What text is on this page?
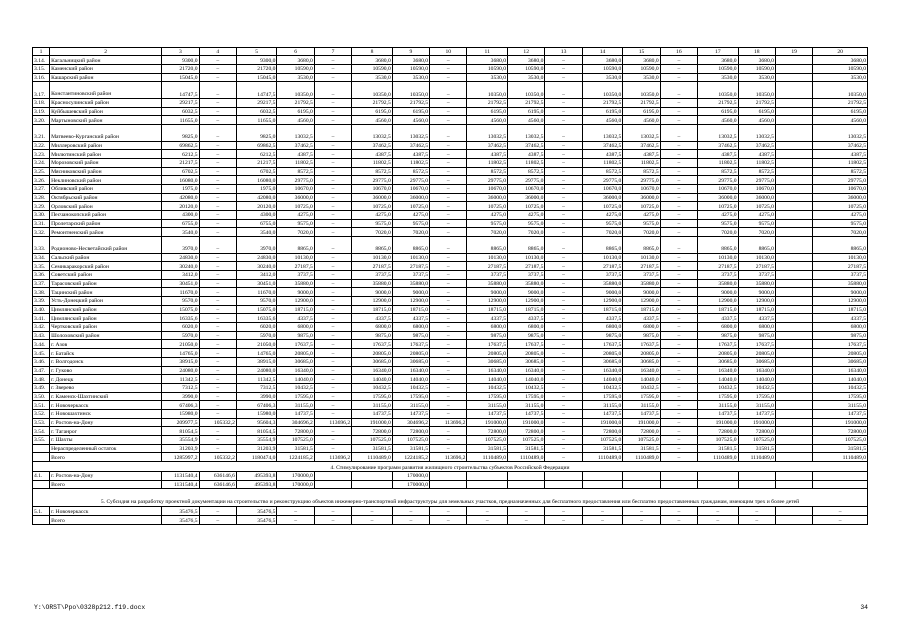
1	2	3	4	5	6	7	8	9	10	11	12	13	14	15	16	17	18	19	20
3.14.	Кагальницкий район	9300,0	–	9300,0	3680,0	–	3680,0	3680,0	–	3680,0	3680,0	–	3680,0	3680,0	–	3680,0	3680,0		3680,0
3.15.	Каменский район	21720,0	–	21720,0	10590,0	–	10590,0	10590,0	–	10590,0	10590,0	–	10590,0	10590,0	–	10590,0	10590,0		10590,0
3.16.	Кашарский район	15045,0	–	15045,0	3530,0	–	3530,0	3530,0	–	3530,0	3530,0	–	3530,0	3530,0	–	3530,0	3530,0		3530,0
3.17.	Константиновский район	14747,5	–	14747,5	10350,0	–	10350,0	10350,0	–	10350,0	10350,0	–	10350,0	10350,0	–	10350,0	10350,0		10350,0
3.18.	Красносулинский район	29217,5	–	29217,5	21792,5	–	21792,5	21792,5	–	21792,5	21792,5	–	21792,5	21792,5	–	21792,5	21792,5		21792,5
3.19.	Куйбышевский район	6032,5	–	6032,5	6195,0	–	6195,0	6195,0	–	6195,0	6195,0	–	6195,0	6195,0	–	6195,0	6195,0		6195,0
3.20.	Мартыновский район	11655,0	–	11655,0	4560,0	–	4560,0	4560,0	–	4560,0	4560,0	–	4560,0	4560,0	–	4560,0	4560,0		4560,0
3.21.	Матвеево-Курганский район	9825,0	–	9825,0	13032,5	–	13032,5	13032,5	–	13032,5	13032,5	–	13032,5	13032,5	–	13032,5	13032,5		13032,5
3.22.	Миллеровский район	69862,5	–	69862,5	37462,5	–	37462,5	37462,5	–	37462,5	37462,5	–	37462,5	37462,5	–	37462,5	37462,5		37462,5
3.23.	Милютинский район	6212,5	–	6212,5	4387,5	–	4387,5	4387,5	–	4387,5	4387,5	–	4387,5	4387,5	–	4387,5	4387,5		4387,5
3.24.	Морозовский район	21217,5	–	21217,5	11802,5	–	11802,5	11802,5	–	11802,5	11802,5	–	11802,5	11802,5	–	11802,5	11802,5		11802,5
3.25.	Мясниковский район	6702,5	–	6702,5	8572,5	–	8572,5	8572,5	–	8572,5	8572,5	–	8572,5	8572,5	–	8572,5	8572,5		8572,5
3.26.	Неклиновский район	16080,0	–	16080,0	29775,0	–	29775,0	29775,0	–	29775,0	29775,0	–	29775,0	29775,0	–	29775,0	29775,0		29775,0
3.27.	Обливский район	1975,0	–	1975,0	10670,0	–	10670,0	10670,0	–	10670,0	10670,0	–	10670,0	10670,0	–	10670,0	10670,0		10670,0
3.28.	Октябрьский район	42080,0	–	42080,0	36000,0	–	36000,0	36000,0	–	36000,0	36000,0	–	36000,0	36000,0	–	36000,0	36000,0		36000,0
3.29.	Орловский район	20120,0	–	20120,0	10725,0	–	10725,0	10725,0	–	10725,0	10725,0	–	10725,0	10725,0	–	10725,0	10725,0		10725,0
3.30.	Песчанокопский район	4300,0	–	4300,0	4275,0	–	4275,0	4275,0	–	4275,0	4275,0	–	4275,0	4275,0	–	4275,0	4275,0		4275,0
3.31.	Пролетарский район	6755,0	–	6755,0	9575,0	–	9575,0	9575,0	–	9575,0	9575,0	–	9575,0	9575,0	–	9575,0	9575,0		9575,0
3.32.	Ремонтненский район	3540,0	–	3540,0	7020,0	–	7020,0	7020,0	–	7020,0	7020,0	–	7020,0	7020,0	–	7020,0	7020,0		7020,0
3.33.	Родионово-Несветайский район	3970,0	–	3970,0	8865,0	–	8865,0	8865,0	–	8865,0	8865,0	–	8865,0	8865,0	–	8865,0	8865,0		8865,0
3.34.	Сальский район	24830,0	–	24830,0	10130,0	–	10130,0	10130,0	–	10130,0	10130,0	–	10130,0	10130,0	–	10130,0	10130,0		10130,0
3.35.	Семикаракорский район	30240,0	–	30240,0	27187,5	–	27187,5	27187,5	–	27187,5	27187,5	–	27187,5	27187,5	–	27187,5	27187,5		27187,5
3.36.	Советский район	3412,0	–	3412,0	3737,5	–	3737,5	3737,5	–	3737,5	3737,5	–	3737,5	3737,5	–	3737,5	3737,5		3737,5
3.37.	Тарасовский район	30451,0	–	30451,0	35880,0	–	35880,0	35880,0	–	35880,0	35880,0	–	35880,0	35880,0	–	35880,0	35880,0		35880,0
3.38.	Тацинский район	11670,0	–	11670,0	9000,0	–	9000,0	9000,0	–	9000,0	9000,0	–	9000,0	9000,0	–	9000,0	9000,0		9000,0
3.39.	Усть-Донецкий район	9570,0	–	9570,0	12900,0	–	12900,0	12900,0	–	12900,0	12900,0	–	12900,0	12900,0	–	12900,0	12900,0		12900,0
3.40.	Цимлянский район	15075,0	–	15075,0	18715,0	–	18715,0	18715,0	–	18715,0	18715,0	–	18715,0	18715,0	–	18715,0	18715,0		18715,0
3.41.	Цимлянский район	16335,6	–	16335,6	4337,5	–	4337,5	4337,5	–	4337,5	4337,5	–	4337,5	4337,5	–	4337,5	4337,5		4337,5
3.42.	Чертковский район	6020,0	–	6020,0	6800,0	–	6800,0	6800,0	–	6800,0	6800,0	–	6800,0	6800,0	–	6800,0	6800,0		6800,0
3.43.	Шолоховский район	5970,0	–	5970,0	9875,0	–	9875,0	9875,0	–	9875,0	9875,0	–	9875,0	9875,0	–	9875,0	9875,0		9875,0
3.44.	г. Азов	21050,0	–	21050,0	17637,5	–	17637,5	17637,5	–	17637,5	17637,5	–	17637,5	17637,5	–	17637,5	17637,5		17637,5
3.45.	г. Батайск	14765,0	–	14765,0	20805,0	–	20805,0	20805,0	–	20805,0	20805,0	–	20805,0	20805,0	–	20805,0	20805,0		20805,0
3.46.	г. Волгодонск	38915,0	–	38915,0	30685,0	–	30685,0	30685,0	–	30685,0	30685,0	–	30685,0	30685,0	–	30685,0	30685,0		30685,0
3.47.	г. Гуково	24080,0	–	24080,0	16340,0	–	16340,0	16340,0	–	16340,0	16340,0	–	16340,0	16340,0	–	16340,0	16340,0		16340,0
3.48.	г. Донецк	11342,5	–	11342,5	14040,0	–	14040,0	14040,0	–	14040,0	14040,0	–	14040,0	14040,0	–	14040,0	14040,0		14040,0
3.49.	г. Зверево	7312,5	–	7312,5	10432,5	–	10432,5	10432,5	–	10432,5	10432,5	–	10432,5	10432,5	–	10432,5	10432,5		10432,5
3.50.	г. Каменск-Шахтинский	3990,0	–	3990,0	17595,0	–	17595,0	17595,0	–	17595,0	17595,0	–	17595,0	17595,0	–	17595,0	17595,0		17595,0
3.51.	г. Новочеркасск	67406,3	–	67406,3	31155,0	–	31155,0	31155,0	–	31155,0	31155,0	–	31155,0	31155,0	–	31155,0	31155,0		31155,0
3.52.	г. Новошахтинск	15980,0	–	15980,0	14737,5	–	14737,5	14737,5	–	14737,5	14737,5	–	14737,5	14737,5	–	14737,5	14737,5		14737,5
3.53.	г. Ростов-на-Дону	209977,5	105332,2	95604,3	304696,2	113696,2	191000,0	304696,2	113696,2	191000,0	191000,0	–	191000,0	191000,0	–	191000,0	191000,0		191000,0
3.54.	г. Таганрог	81054,5	–	81054,5	72800,0	–	72800,0	72800,0	–	72800,0	72800,0	–	72800,0	72800,0	–	72800,0	72800,0		72800,0
3.55.	г. Шахты	35554,9	–	35554,9	107525,0	–	107525,0	107525,0	–	107525,0	107525,0	–	107525,0	107525,0	–	107525,0	107525,0		107525,0
	Нераспределенный остаток	31203,9	–	31203,9	31581,5	–	31581,5	31581,5	–	31581,5	31581,5	–	31581,5	31581,5	–	31581,5	31581,5		31581,5
	Всего	1285997,2	105332,2	1180474,0	1224185,2	113696,2	1110489,0	1224185,2	113696,2	1110489,0	1110489,0	–	1110489,0	1110489,0	–	1110489,0	1110489,0		1110489,0
4. Стимулирование программ развития жилищного строительства субъектов Российской Федерации																			
4.1.	г. Ростов-на-Дону	1131540,4	636146,6	495393,8	170000,0			170000,0											
	Всего	1131540,4	636146,6	495393,8	170000,0			170000,0											
5. Субсидия на разработку проектной документации на строительство и реконструкцию объектов инженерно-транспортной инфраструктуры для земельных участков, предназначенных для бесплатного предоставления или бесплатно предоставленных гражданам, имеющим трех и более детей																			
5.1.	г. Новочеркасск	35476,5	–	35476,5	–	–	–	–	–	–	–	–	–	–	–	–	–		–
	Всего	35476,5	–	35476,5	–	–	–	–	–	–	–	–	–	–	–	–	–		–
Y:\ORST\Ppo\0328p212.f19.docx	34
